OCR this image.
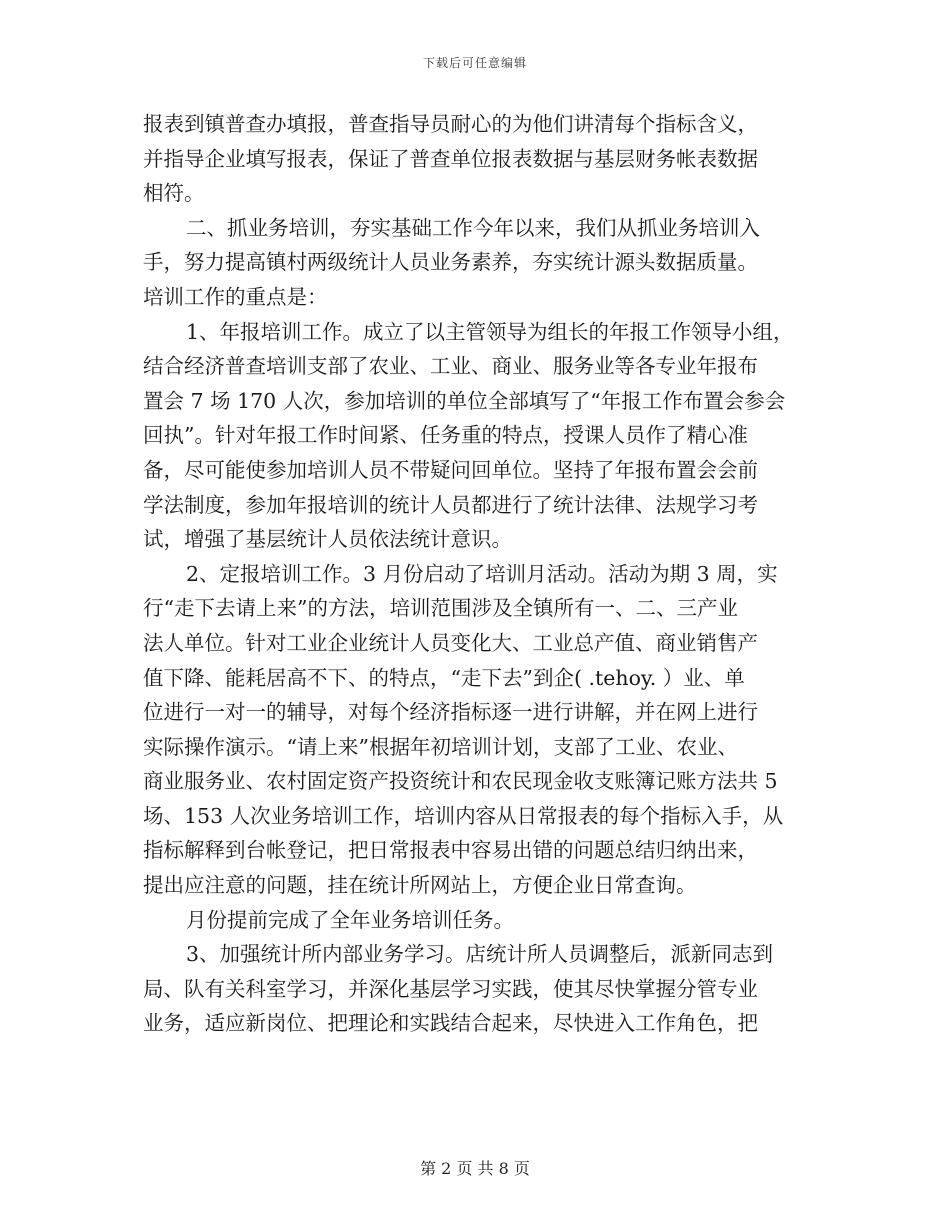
下载后可任意编辑
报表到镇普查办填报，普查指导员耐心的为他们讲清每个指标含义，
并指导企业填写报表，保证了普查单位报表数据与基层财务帐表数据
相符。
二、抓业务培训，夯实基础工作今年以来，我们从抓业务培训入
手，努力提高镇村两级统计人员业务素养，夯实统计源头数据质量。
培训工作的重点是：
1、年报培训工作。成立了以主管领导为组长的年报工作领导小组，
结合经济普查培训支部了农业、工业、商业、服务业等各专业年报布
置会 7 场 170 人次，参加培训的单位全部填写了“年报工作布置会参会
回执”。针对年报工作时间紧、任务重的特点，授课人员作了精心准
备，尽可能使参加培训人员不带疑问回单位。坚持了年报布置会会前
学法制度，参加年报培训的统计人员都进行了统计法律、法规学习考
试，增强了基层统计人员依法统计意识。
2、定报培训工作。3 月份启动了培训月活动。活动为期 3 周，实
行“走下去请上来”的方法，培训范围涉及全镇所有一、二、三产业
法人单位。针对工业企业统计人员变化大、工业总产值、商业销售产
值下降、能耗居高不下、的特点，“走下去”到企( .tehoy. ）业、单
位进行一对一的辅导，对每个经济指标逐一进行讲解，并在网上进行
实际操作演示。“请上来”根据年初培训计划，支部了工业、农业、
商业服务业、农村固定资产投资统计和农民现金收支账簿记账方法共 5
场、153 人次业务培训工作，培训内容从日常报表的每个指标入手，从
指标解释到台帐登记，把日常报表中容易出错的问题总结归纳出来，
提出应注意的问题，挂在统计所网站上，方便企业日常查询。
月份提前完成了全年业务培训任务。
3、加强统计所内部业务学习。店统计所人员调整后，派新同志到
局、队有关科室学习，并深化基层学习实践，使其尽快掌握分管专业
业务，适应新岗位、把理论和实践结合起来，尽快进入工作角色，把
第 2 页 共 8 页
